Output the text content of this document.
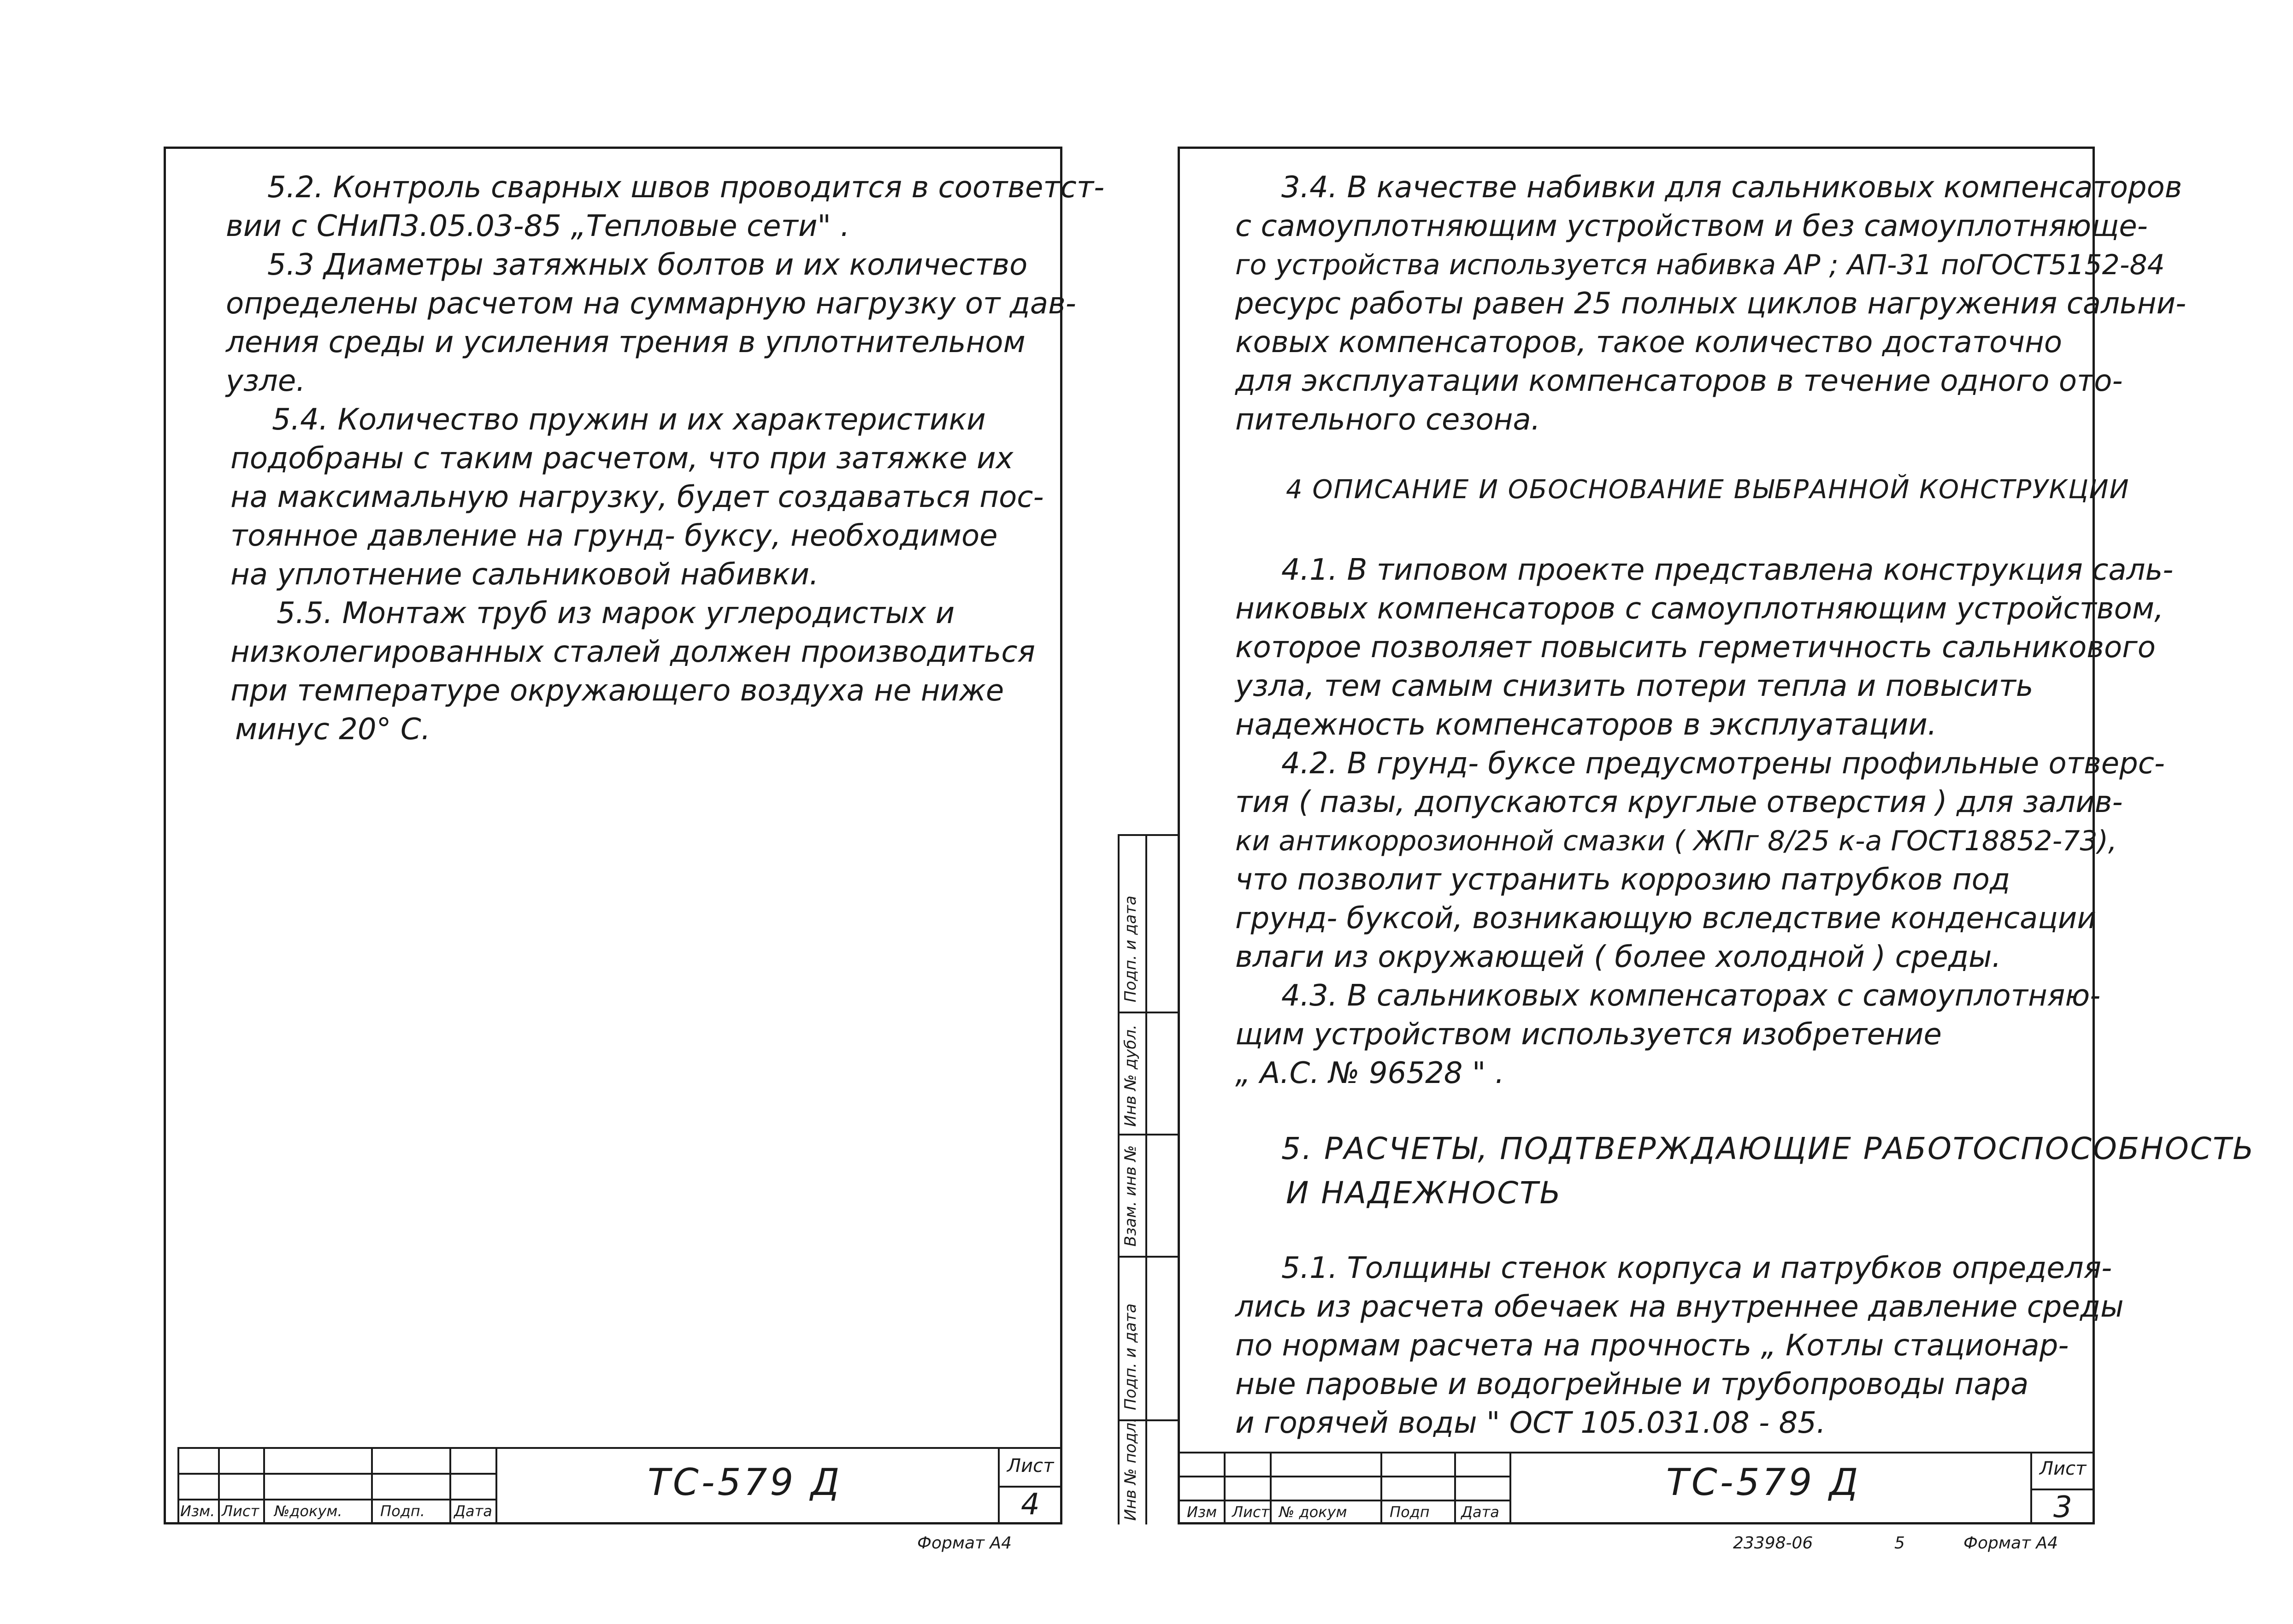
5.2. Контроль сварных швов проводится в соответст-
вии с СНиП3.05.03-85 „Тепловые сети" .
5.3 Диаметры затяжных болтов и их количество
определены расчетом на суммарную нагрузку от дав-
ления среды и усиления трения в уплотнительном
узле.
5.4. Количество пружин и их характеристики
подобраны с таким расчетом, что при затяжке их
на максимальную нагрузку, будет создаваться пос-
тоянное давление на грунд- буксу, необходимое
на уплотнение сальниковой набивки.
5.5. Монтаж труб из марок углеродистых и
низколегированных сталей должен производиться
при температуре окружающего воздуха не ниже
минус 20° С.
Изм. Лист №докум.	Подп. Дата
ТС-579 Д	Лист
4
Формат А4
3.4. В качестве набивки для сальниковых компенсаторов
с самоуплотняющим устройством и без самоуплотняюще-
го устройства используется набивка АР ; АП-31 поГОСТ5152-84
ресурс работы равен 25 полных циклов нагружения сальни-
ковых компенсаторов, такое количество достаточно
для эксплуатации компенсаторов в течение одного ото-
пительного сезона.
4 ОПИСАНИЕ И ОБОСНОВАНИЕ ВЫБРАННОЙ КОНСТРУКЦИИ
4.1. В типовом проекте представлена конструкция саль-
никовых компенсаторов с самоуплотняющим устройством,
которое позволяет повысить герметичность сальникового
узла, тем самым снизить потери тепла и повысить
надежность компенсаторов в эксплуатации.
4.2. В грунд- буксе предусмотрены профильные отверс-
тия ( пазы, допускаются круглые отверстия ) для залив-
ки антикоррозионной смазки ( ЖПг 8/25 к-а ГОСТ18852-73),
что позволит устранить коррозию патрубков под
грунд- буксой, возникающую вследствие конденсации
влаги из окружающей ( более холодной ) среды.
4.3. В сальниковых компенсаторах с самоуплотняю-
щим устройством используется изобретение
„ А.С. № 96528 " .
5. РАСЧЕТЫ, ПОДТВЕРЖДАЮЩИЕ РАБОТОСПОСОБНОСТЬ
И НАДЕЖНОСТЬ
5.1. Толщины стенок корпуса и патрубков определя-
лись из расчета обечаек на внутреннее давление среды
по нормам расчета на прочность „ Котлы стационар-
ные паровые и водогрейные и трубопроводы пара
и горячей воды " ОСТ 105.031.08 - 85.
Инв № подл.
Подп. и дата
Взам. инв №
Инв № дубл.
Подп. и дата
Изм Лист № докум	Подп Дата
ТС-579 Д	Лист
3
23398-06	5	Формат А4
